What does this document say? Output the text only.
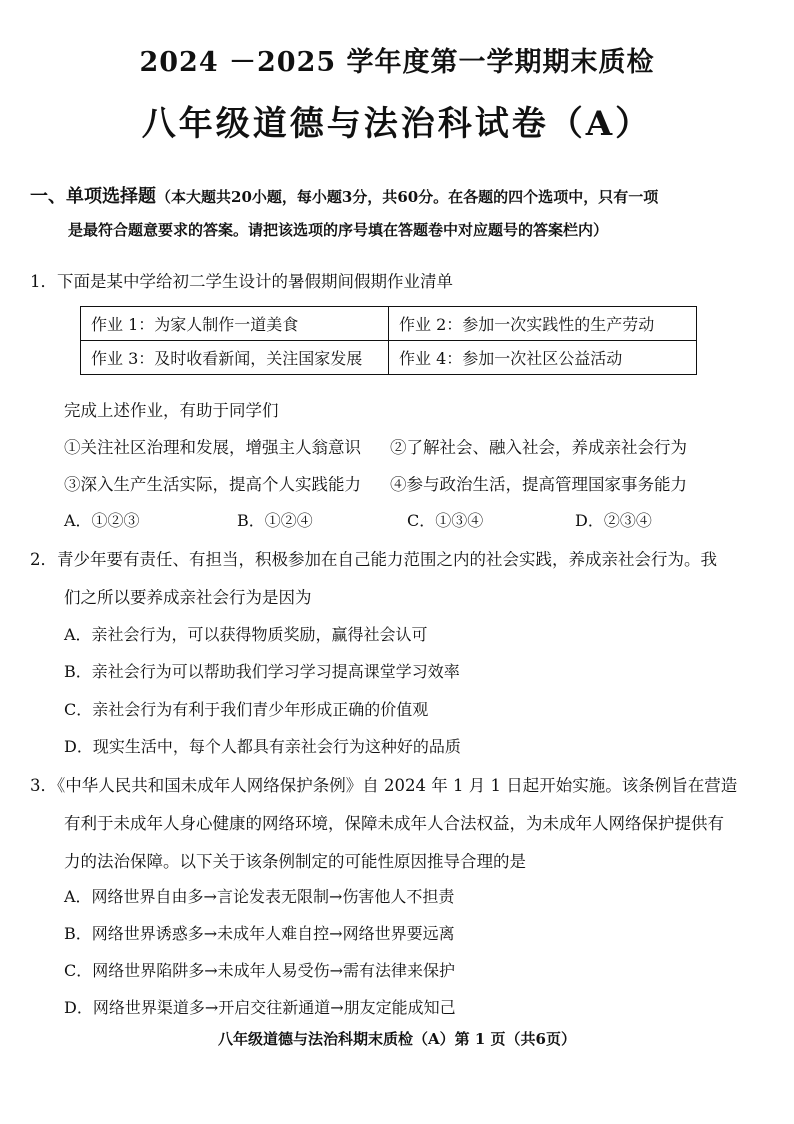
2024 －2025 学年度第一学期期末质检
八年级道德与法治科试卷（A）
一、单项选择题（本大题共20小题，每小题3分，共60分。在各题的四个选项中，只有一项
是最符合题意要求的答案。请把该选项的序号填在答题卷中对应题号的答案栏内）
1．下面是某中学给初二学生设计的暑假期间假期作业清单
作业 1：为家人制作一道美食	作业 2：参加一次实践性的生产劳动
作业 3：及时收看新闻，关注国家发展	作业 4：参加一次社区公益活动
完成上述作业，有助于同学们
①关注社区治理和发展，增强主人翁意识 ②了解社会、融入社会，养成亲社会行为
③深入生产生活实际，提高个人实践能力 ④参与政治生活，提高管理国家事务能力
A．①②③	B．①②④	C．①③④	D．②③④
2．青少年要有责任、有担当，积极参加在自己能力范围之内的社会实践，养成亲社会行为。我
们之所以要养成亲社会行为是因为
A．亲社会行为，可以获得物质奖励，赢得社会认可
B．亲社会行为可以帮助我们学习学习提高课堂学习效率
C．亲社会行为有利于我们青少年形成正确的价值观
D．现实生活中，每个人都具有亲社会行为这种好的品质
3．《中华人民共和国未成年人网络保护条例》自 2024 年 1 月 1 日起开始实施。该条例旨在营造
有利于未成年人身心健康的网络环境，保障未成年人合法权益，为未成年人网络保护提供有
力的法治保障。以下关于该条例制定的可能性原因推导合理的是
A．网络世界自由多→言论发表无限制→伤害他人不担责
B．网络世界诱惑多→未成年人难自控→网络世界要远离
C．网络世界陷阱多→未成年人易受伤→需有法律来保护
D．网络世界渠道多→开启交往新通道→朋友定能成知己
八年级道德与法治科期末质检（A）第 1 页（共6页）
